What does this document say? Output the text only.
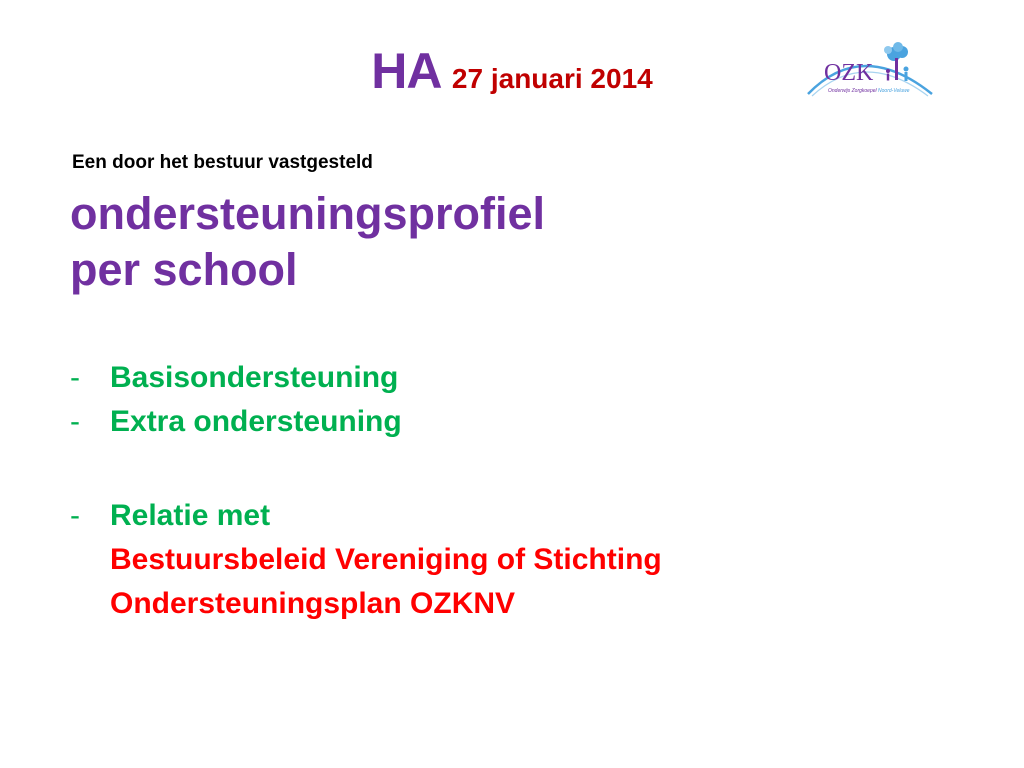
HA 27 januari 2014	OZK
Onderwijs Zorgkoepel Noord-Veluwe
Een door het bestuur vastgesteld
ondersteuningsprofiel
per school
- Basisondersteuning
- Extra ondersteuning
- Relatie met
Bestuursbeleid Vereniging of Stichting
Ondersteuningsplan OZKNV
